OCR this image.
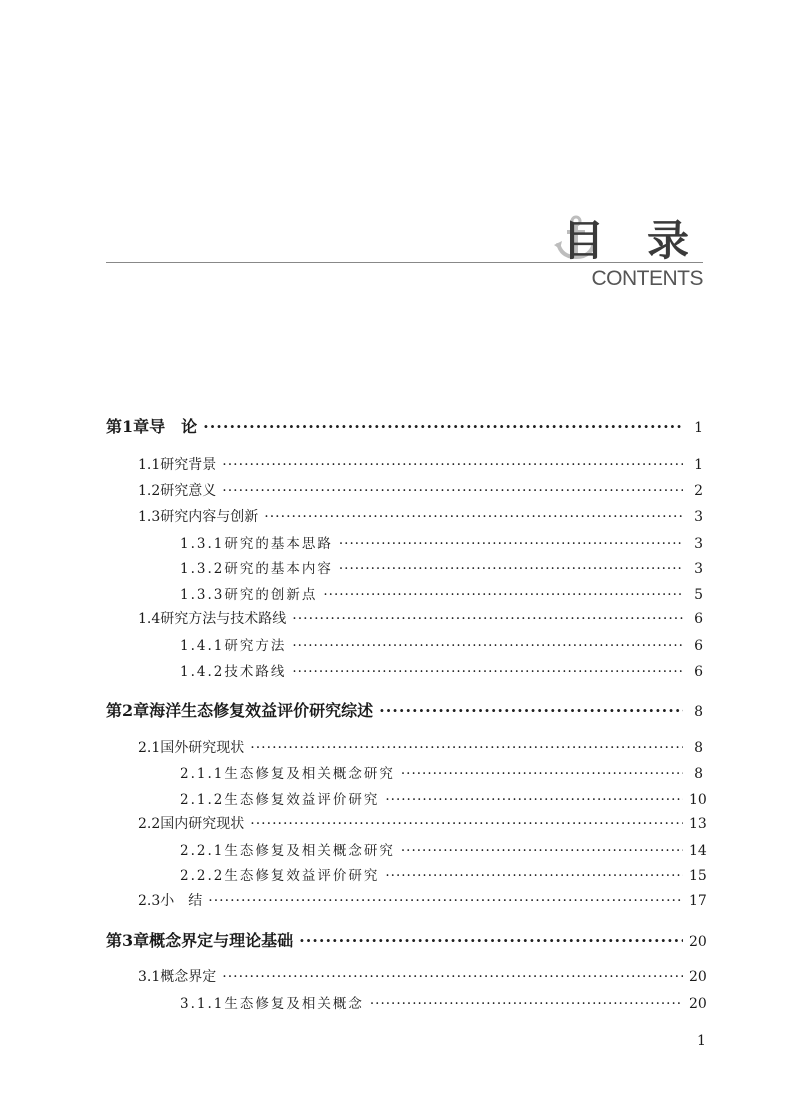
目 录
CONTENTS
第1章 导　论 ·····	1
1.1 研究背景 ·····	1
1.2 研究意义 ·····	2
1.3 研究内容与创新 ·····	3
1.3.1 研究的基本思路 ·····	3
1.3.2 研究的基本内容 ·····	3
1.3.3 研究的创新点 ·····	5
1.4 研究方法与技术路线 ·····	6
1.4.1 研究方法 ·····	6
1.4.2 技术路线 ·····	6
第2章 海洋生态修复效益评价研究综述 ·····	8
2.1 国外研究现状 ·····	8
2.1.1 生态修复及相关概念研究 ·····	8
2.1.2 生态修复效益评价研究 ·····	10
2.2 国内研究现状 ·····	13
2.2.1 生态修复及相关概念研究 ·····	14
2.2.2 生态修复效益评价研究 ·····	15
2.3 小　结 ·····	17
第3章 概念界定与理论基础 ·····	20
3.1 概念界定 ·····	20
3.1.1 生态修复及相关概念 ·····	20
1
